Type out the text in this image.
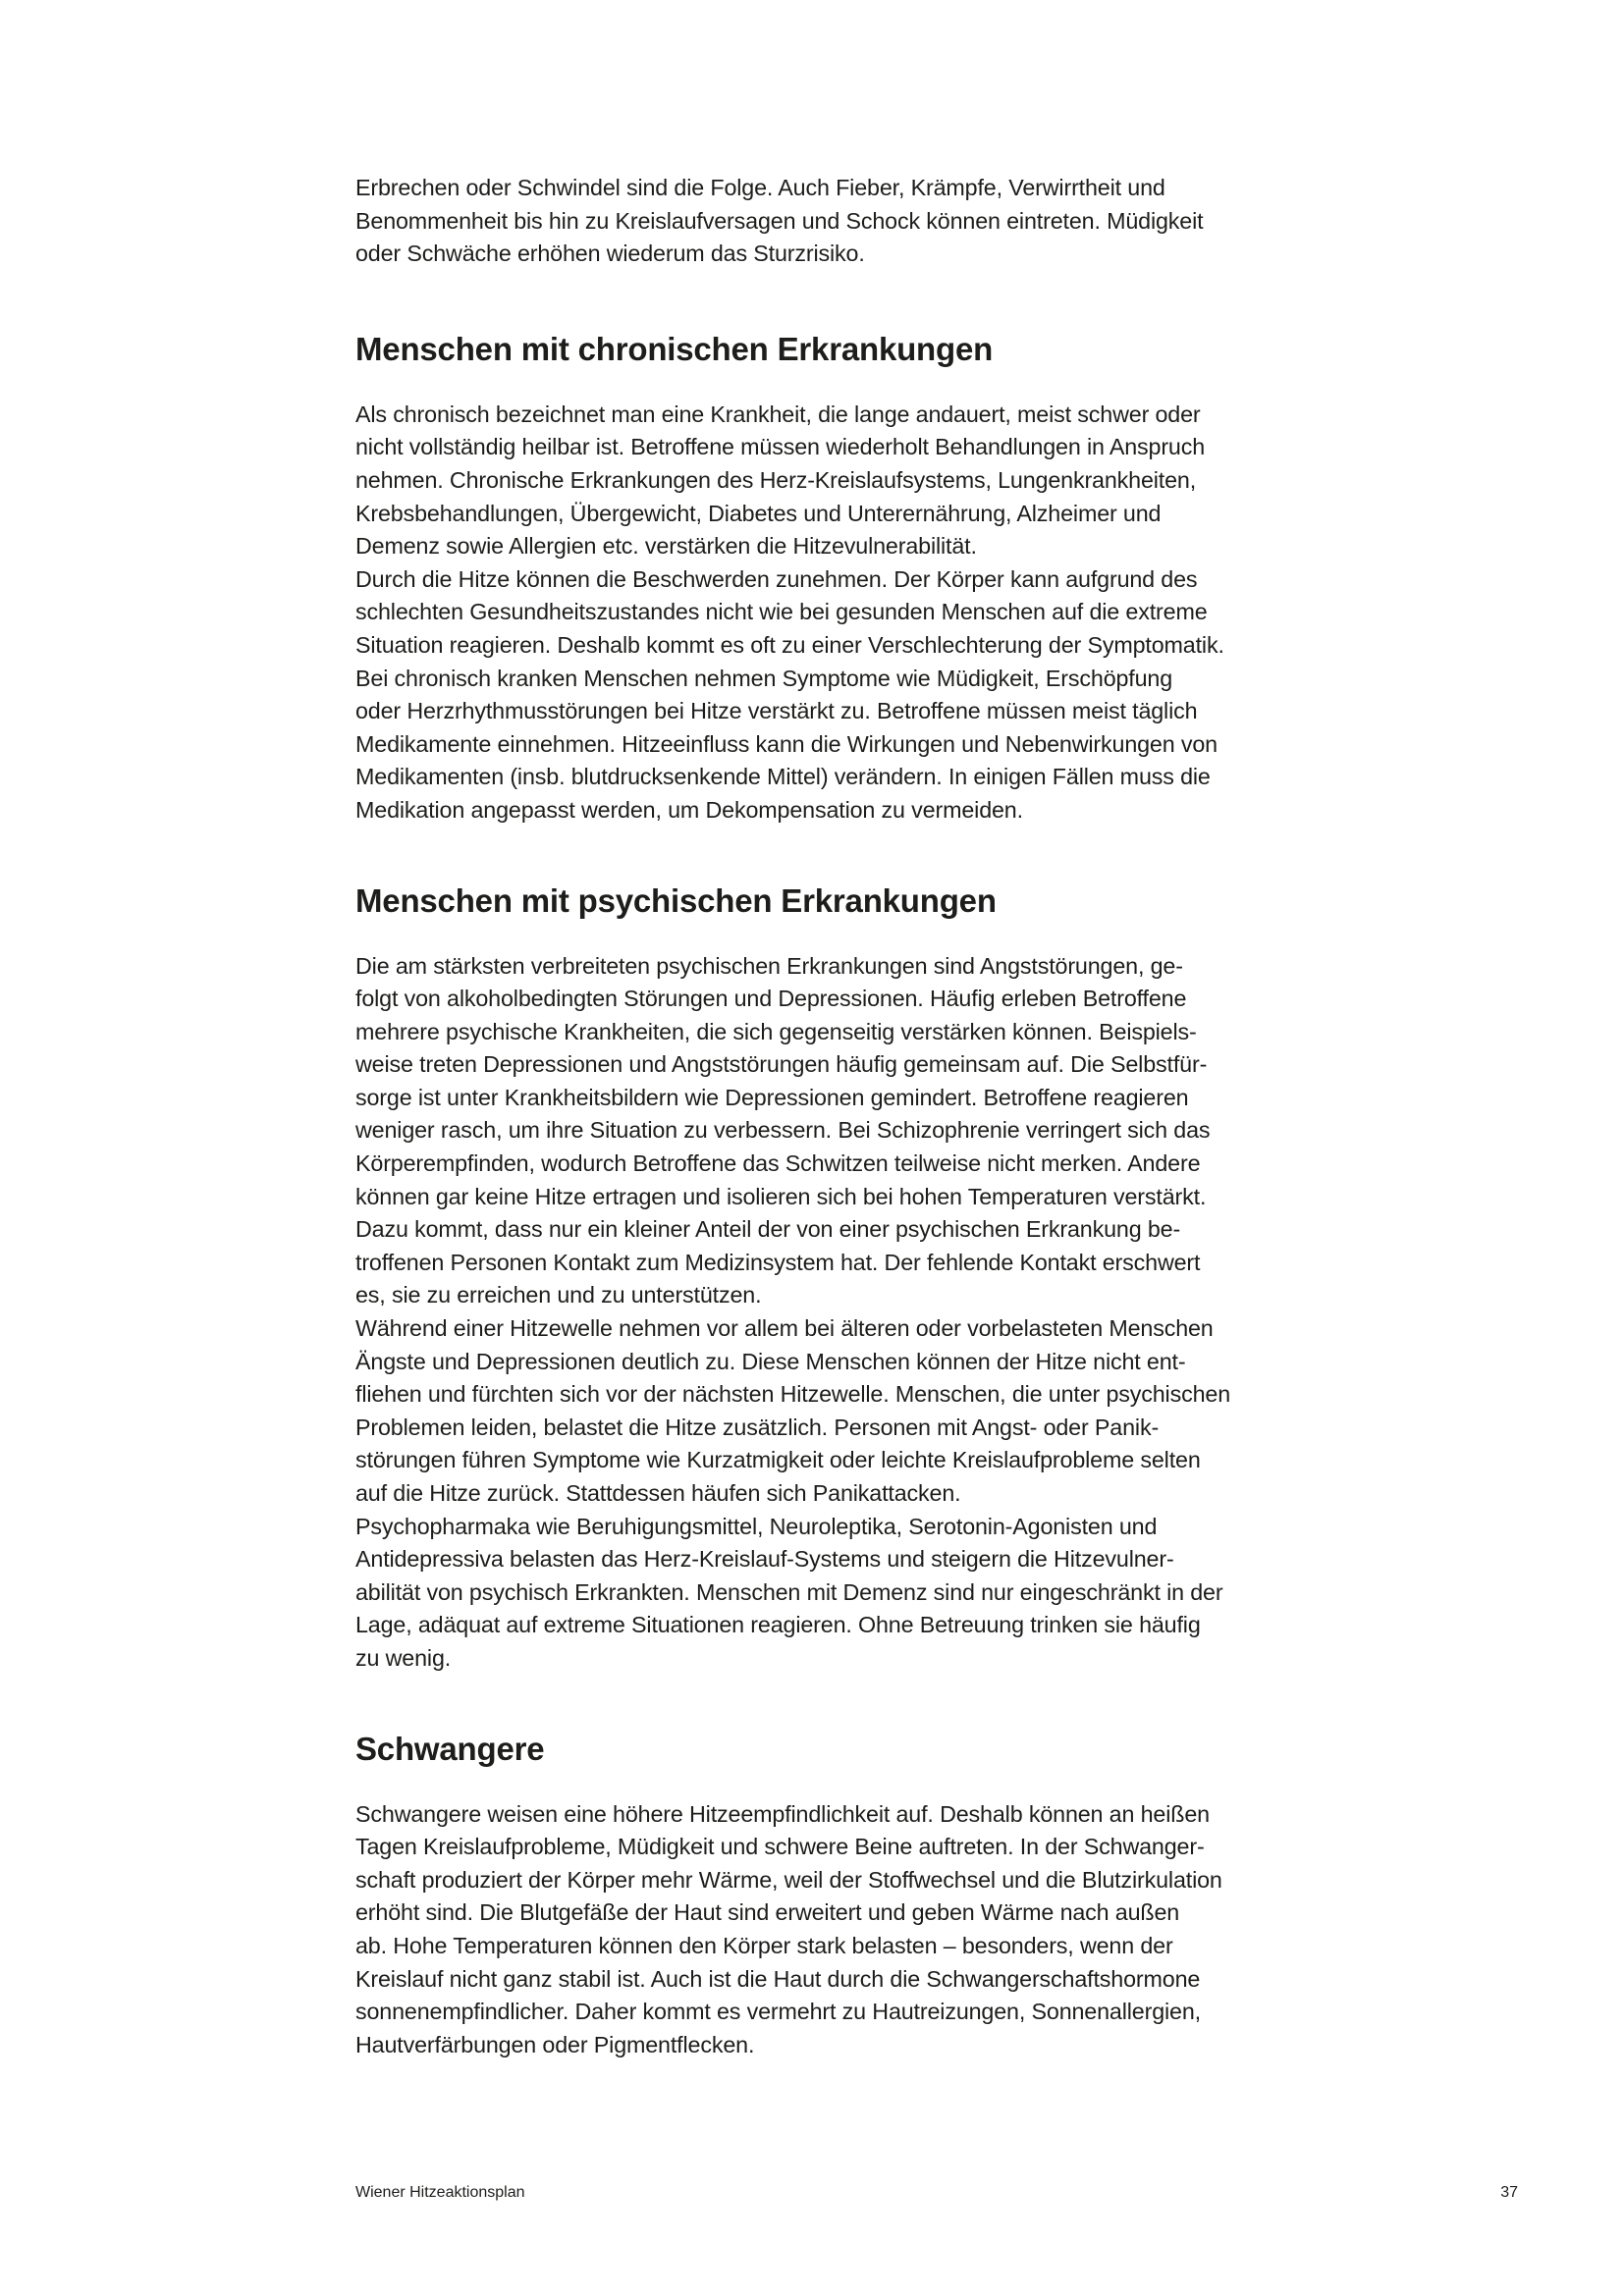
Erbrechen oder Schwindel sind die Folge. Auch Fieber, Krämpfe, Verwirrtheit und
Benommenheit bis hin zu Kreislaufversagen und Schock können eintreten. Müdigkeit
oder Schwäche erhöhen wiederum das Sturzrisiko.
Menschen mit chronischen Erkrankungen
Als chronisch bezeichnet man eine Krankheit, die lange andauert, meist schwer oder
nicht vollständig heilbar ist. Betroffene müssen wiederholt Behandlungen in Anspruch
nehmen. Chronische Erkrankungen des Herz-Kreislaufsystems, Lungenkrankheiten,
Krebsbehandlungen, Übergewicht, Diabetes und Unterernährung, Alzheimer und
Demenz sowie Allergien etc. verstärken die Hitzevulnerabilität.
Durch die Hitze können die Beschwerden zunehmen. Der Körper kann aufgrund des
schlechten Gesundheitszustandes nicht wie bei gesunden Menschen auf die extreme
Situation reagieren. Deshalb kommt es oft zu einer Verschlechterung der Symptomatik.
Bei chronisch kranken Menschen nehmen Symptome wie Müdigkeit, Erschöpfung
oder Herzrhythmusstörungen bei Hitze verstärkt zu. Betroffene müssen meist täglich
Medikamente einnehmen. Hitzeeinfluss kann die Wirkungen und Nebenwirkungen von
Medikamenten (insb. blutdrucksenkende Mittel) verändern. In einigen Fällen muss die
Medikation angepasst werden, um Dekompensation zu vermeiden.
Menschen mit psychischen Erkrankungen
Die am stärksten verbreiteten psychischen Erkrankungen sind Angststörungen, ge-
folgt von alkoholbedingten Störungen und Depressionen. Häufig erleben Betroffene
mehrere psychische Krankheiten, die sich gegenseitig verstärken können. Beispiels-
weise treten Depressionen und Angststörungen häufig gemeinsam auf. Die Selbstfür-
sorge ist unter Krankheitsbildern wie Depressionen gemindert. Betroffene reagieren
weniger rasch, um ihre Situation zu verbessern. Bei Schizophrenie verringert sich das
Körperempfinden, wodurch Betroffene das Schwitzen teilweise nicht merken. Andere
können gar keine Hitze ertragen und isolieren sich bei hohen Temperaturen verstärkt.
Dazu kommt, dass nur ein kleiner Anteil der von einer psychischen Erkrankung be-
troffenen Personen Kontakt zum Medizinsystem hat. Der fehlende Kontakt erschwert
es, sie zu erreichen und zu unterstützen.
Während einer Hitzewelle nehmen vor allem bei älteren oder vorbelasteten Menschen
Ängste und Depressionen deutlich zu. Diese Menschen können der Hitze nicht ent-
fliehen und fürchten sich vor der nächsten Hitzewelle. Menschen, die unter psychischen
Problemen leiden, belastet die Hitze zusätzlich. Personen mit Angst- oder Panik-
störungen führen Symptome wie Kurzatmigkeit oder leichte Kreislaufprobleme selten
auf die Hitze zurück. Stattdessen häufen sich Panikattacken.
Psychopharmaka wie Beruhigungsmittel, Neuroleptika, Serotonin-Agonisten und
Antidepressiva belasten das Herz-Kreislauf-Systems und steigern die Hitzevulner-
abilität von psychisch Erkrankten. Menschen mit Demenz sind nur eingeschränkt in der
Lage, adäquat auf extreme Situationen reagieren. Ohne Betreuung trinken sie häufig
zu wenig.
Schwangere
Schwangere weisen eine höhere Hitzeempfindlichkeit auf. Deshalb können an heißen
Tagen Kreislaufprobleme, Müdigkeit und schwere Beine auftreten. In der Schwanger-
schaft produziert der Körper mehr Wärme, weil der Stoffwechsel und die Blutzirkulation
erhöht sind. Die Blutgefäße der Haut sind erweitert und geben Wärme nach außen
ab. Hohe Temperaturen können den Körper stark belasten – besonders, wenn der
Kreislauf nicht ganz stabil ist. Auch ist die Haut durch die Schwangerschaftshormone
sonnenempfindlicher. Daher kommt es vermehrt zu Hautreizungen, Sonnenallergien,
Hautverfärbungen oder Pigmentflecken.
Wiener Hitzeaktionsplan	37
